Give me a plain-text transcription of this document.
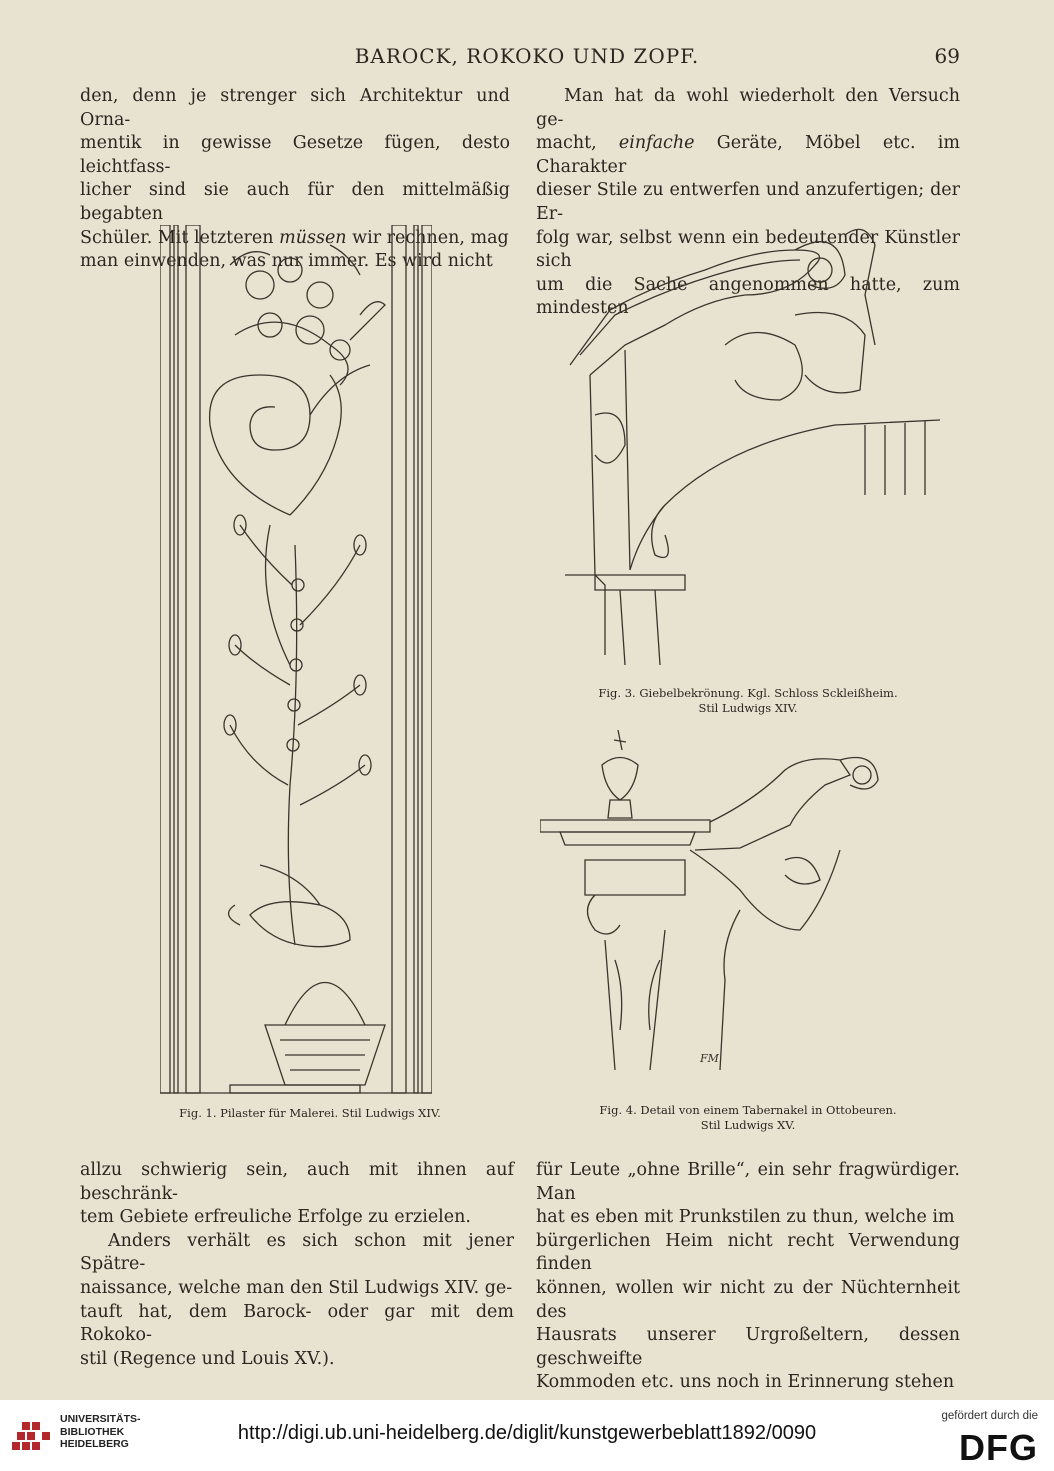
BAROCK, ROKOKO UND ZOPF.	69

den, denn je strenger sich Architektur und Orna-

mentik in gewisse Gesetze fügen, desto leichtfass-

licher sind sie auch für den mittelmäßig begabten

Schüler. Mit letzteren müssen wir rechnen, mag

man einwenden, was nur immer. Es wird nicht

Man hat da wohl wiederholt den Versuch ge-

macht, einfache Geräte, Möbel etc. im Charakter

dieser Stile zu entwerfen und anzufertigen; der Er-

folg war, selbst wenn ein bedeutender Künstler sich

um die Sache angenommen hatte, zum mindesten

Fig. 3. Giebelbekrönung. Kgl. Schloss Sckleißheim.
Stil Ludwigs XIV.
FM
Fig. 4. Detail von einem Tabernakel in Ottobeuren.
Stil Ludwigs XV.
Fig. 1. Pilaster für Malerei. Stil Ludwigs XIV.

allzu schwierig sein, auch mit ihnen auf beschränk-

tem Gebiete erfreuliche Erfolge zu erzielen.

Anders verhält es sich schon mit jener Spätre-

naissance, welche man den Stil Ludwigs XIV. ge-

tauft hat, dem Barock- oder gar mit dem Rokoko-

stil (Regence und Louis XV.).

für Leute „ohne Brille“, ein sehr fragwürdiger. Man

hat es eben mit Prunkstilen zu thun, welche im

bürgerlichen Heim nicht recht Verwendung finden

können, wollen wir nicht zu der Nüchternheit des

Hausrats unserer Urgroßeltern, dessen geschweifte

Kommoden etc. uns noch in Erinnerung stehen

UNIVERSITÄTS-
BIBLIOTHEK
HEIDELBERG	http://digi.ub.uni-heidelberg.de/diglit/kunstgewerbeblatt1892/0090
gefördert durch die
DFG
